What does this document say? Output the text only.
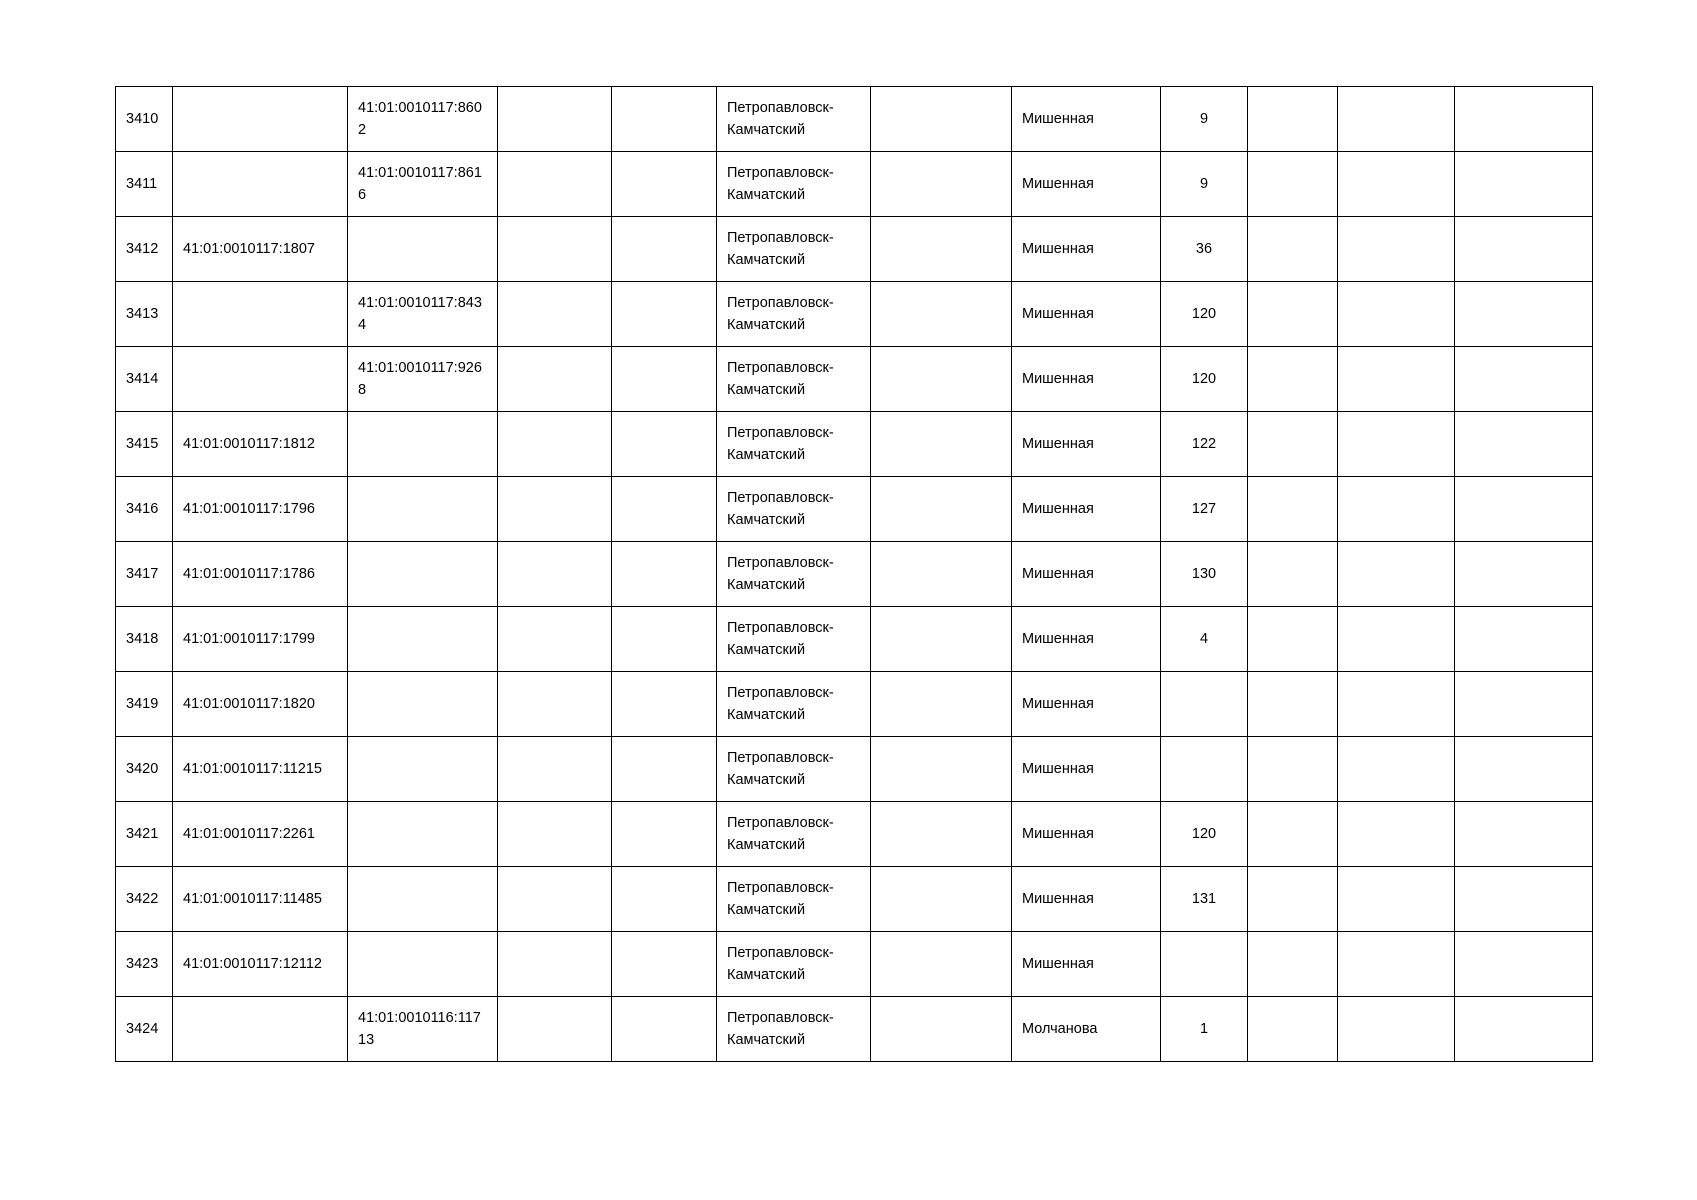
3410		41:01:0010117:8602			Петропавловск-Камчатский		Мишенная	9			
3411		41:01:0010117:8616			Петропавловск-Камчатский		Мишенная	9			
3412	41:01:0010117:1807				Петропавловск-Камчатский		Мишенная	36			
3413		41:01:0010117:8434			Петропавловск-Камчатский		Мишенная	120			
3414		41:01:0010117:9268			Петропавловск-Камчатский		Мишенная	120			
3415	41:01:0010117:1812				Петропавловск-Камчатский		Мишенная	122			
3416	41:01:0010117:1796				Петропавловск-Камчатский		Мишенная	127			
3417	41:01:0010117:1786				Петропавловск-Камчатский		Мишенная	130			
3418	41:01:0010117:1799				Петропавловск-Камчатский		Мишенная	4			
3419	41:01:0010117:1820				Петропавловск-Камчатский		Мишенная				
3420	41:01:0010117:11215				Петропавловск-Камчатский		Мишенная				
3421	41:01:0010117:2261				Петропавловск-Камчатский		Мишенная	120			
3422	41:01:0010117:11485				Петропавловск-Камчатский		Мишенная	131			
3423	41:01:0010117:12112				Петропавловск-Камчатский		Мишенная				
3424		41:01:0010116:11713			Петропавловск-Камчатский		Молчанова	1			
